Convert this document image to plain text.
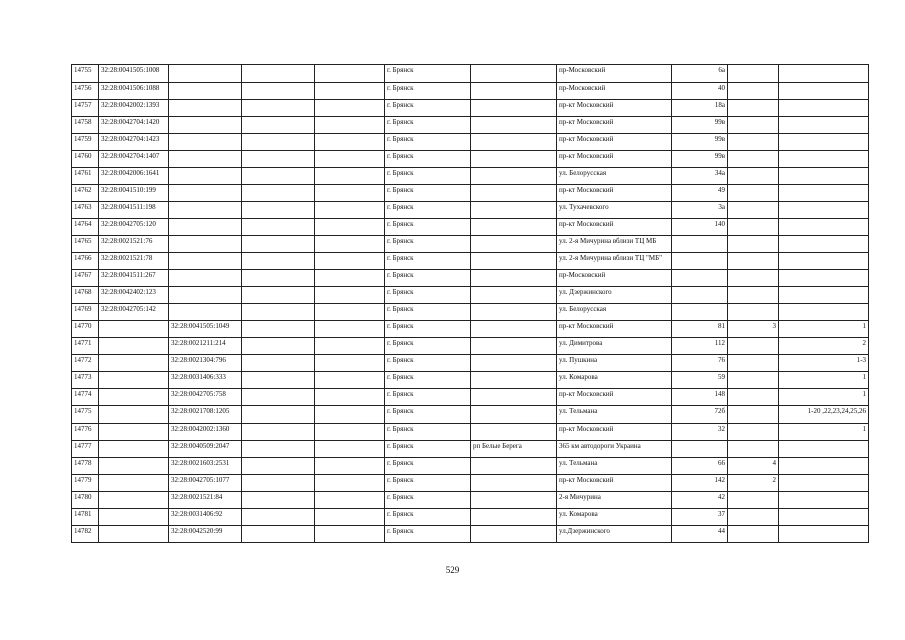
14755	32:28:0041505:1008				г. Брянск		пр-Московский	6а		
14756	32:28:0041506:1088				г. Брянск		пр-Московский	40		
14757	32:28:0042002:1393				г. Брянск		пр-кт Московский	18а		
14758	32:28:0042704:1420				г. Брянск		пр-кт Московский	99в		
14759	32:28:0042704:1423				г. Брянск		пр-кт Московский	99в		
14760	32:28:0042704:1407				г. Брянск		пр-кт Московский	99в		
14761	32:28:0042006:1641				г. Брянск		ул. Белорусская	34а		
14762	32:28:0041510:199				г. Брянск		пр-кт Московский	49		
14763	32:28:0041511:198				г. Брянск		ул. Тухачевского	3а		
14764	32:28:0042705:120				г. Брянск		пр-кт Московский	140		
14765	32:28:0021521:76				г. Брянск		ул. 2-я Мичурина вблизи ТЦ МБ			
14766	32:28:0021521:78				г. Брянск		ул. 2-я Мичурина вблизи ТЦ "МБ"			
14767	32:28:0041511:267				г. Брянск		пр-Московский			
14768	32:28:0042402:123				г. Брянск		ул. Дзержинского			
14769	32:28:0042705:142				г. Брянск		ул. Белорусская			
14770		32:28:0041505:1049			г. Брянск		пр-кт Московский	81	3	1
14771		32:28:0021211:214			г. Брянск		ул. Димитрова	112		2
14772		32:28:0021304:796			г. Брянск		ул. Пушкина	76		1-3
14773		32:28:0031406:333			г. Брянск		ул. Комарова	59		1
14774		32:28:0042705:758			г. Брянск		пр-кт Московский	148		1
14775		32:28:0021708:1205			г. Брянск		ул. Тельмана	72б		1-20 ,22,23,24,25,26
14776		32:28:0042002:1360			г. Брянск		пр-кт Московский	32		1
14777		32:28:0040509:2047			г. Брянск	рп Белые Берега	365 км автодороги Украина			
14778		32:28:0021603:2531			г. Брянск		ул. Тельмана	66	4	
14779		32:28:0042705:1077			г. Брянск		пр-кт Московский	142	2	
14780		32:28:0021521:84			г. Брянск		2-я Мичурина	42		
14781		32:28:0031406:92			г. Брянск		ул. Комарова	37		
14782		32:28:0042520:99			г. Брянск		ул.Дзержинского	44		
529
